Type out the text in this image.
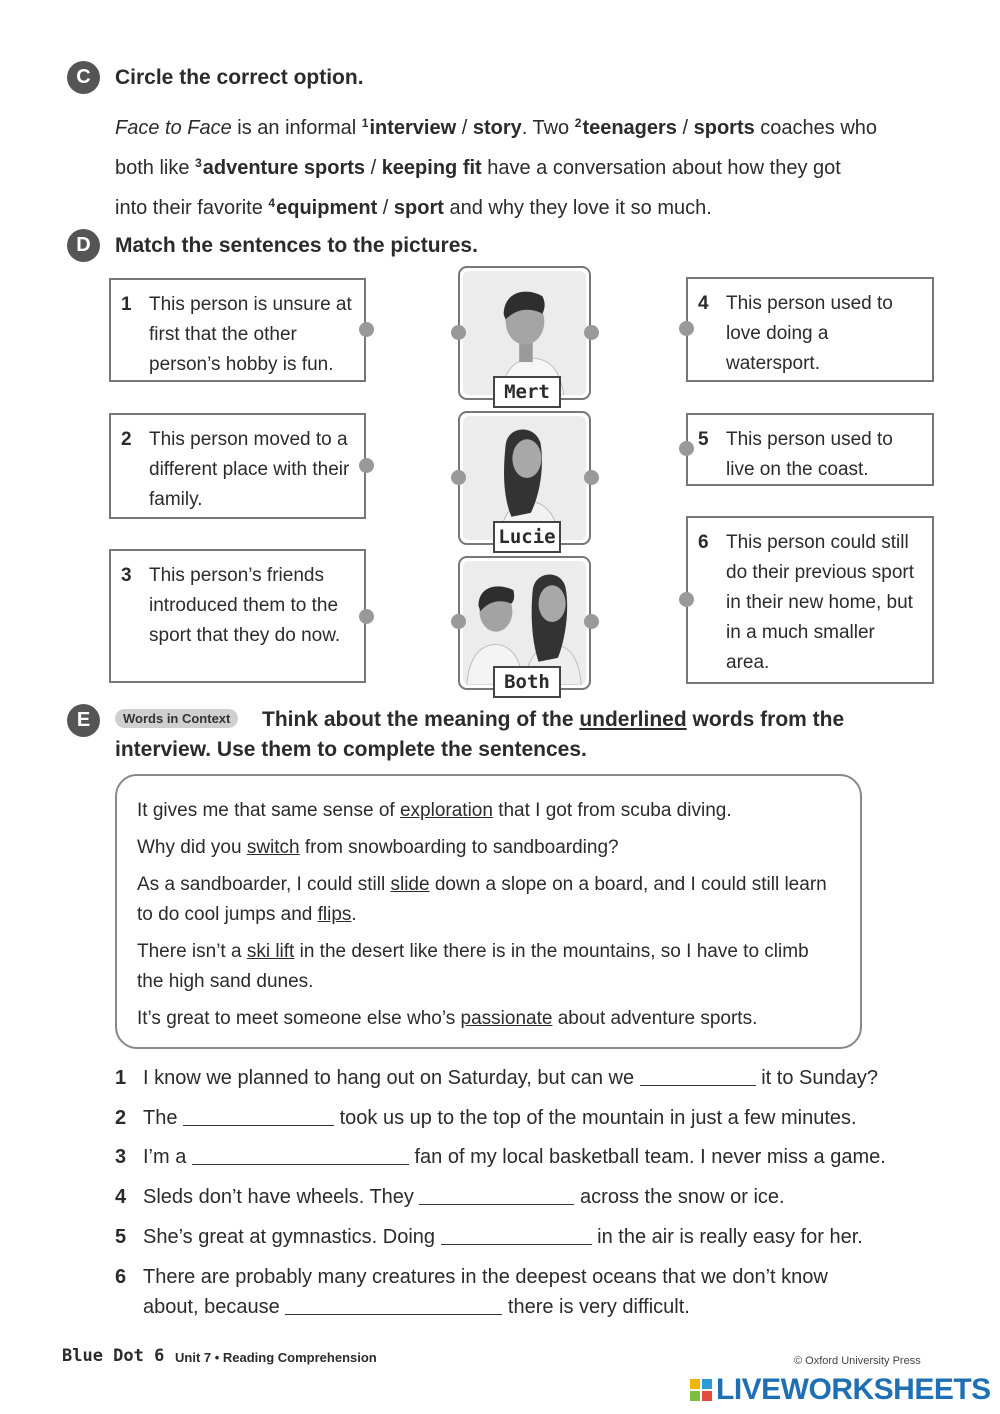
C	Circle the correct option.
Face to Face is an informal $^1$interview / story. Two $^2$teenagers / sports coaches who
both like $^3$adventure sports / keeping fit have a conversation about how they got
into their favorite $^4$equipment / sport and why they love it so much.
D	Match the sentences to the pictures.
1 This person is unsure at first that the other person’s hobby is fun.
2 This person moved to a different place with their family.
3 This person’s friends introduced them to the sport that they do now.
Mert
Lucie
Both
4 This person used to love doing a watersport.
5 This person used to live on the coast.
6 This person could still do their previous sport in their new home, but in a much smaller area.
E	Think about the meaning of the underlined words from the interview. Use them to complete the sentences.
Words in Context

It gives me that same sense of exploration that I got from scuba diving.

Why did you switch from snowboarding to sandboarding?

As a sandboarder, I could still slide down a slope on a board, and I could still learn to do cool jumps and flips.

There isn’t a ski lift in the desert like there is in the mountains, so I have to climb the high sand dunes.

It’s great to meet someone else who’s passionate about adventure sports.

1 I know we planned to hang out on Saturday, but can we	it to Sunday?
2 The	took us up to the top of the mountain in just a few minutes.
3 I’m a	fan of my local basketball team. I never miss a game.
4 Sleds don’t have wheels. They	across the snow or ice.
5 She’s great at gymnastics. Doing	in the air is really easy for her.
6 There are probably many creatures in the deepest oceans that we don’t know
about, because	there is very difficult.
Blue Dot 6 Unit 7 • Reading Comprehension	© Oxford University Press
LIVEWORKSHEETS
